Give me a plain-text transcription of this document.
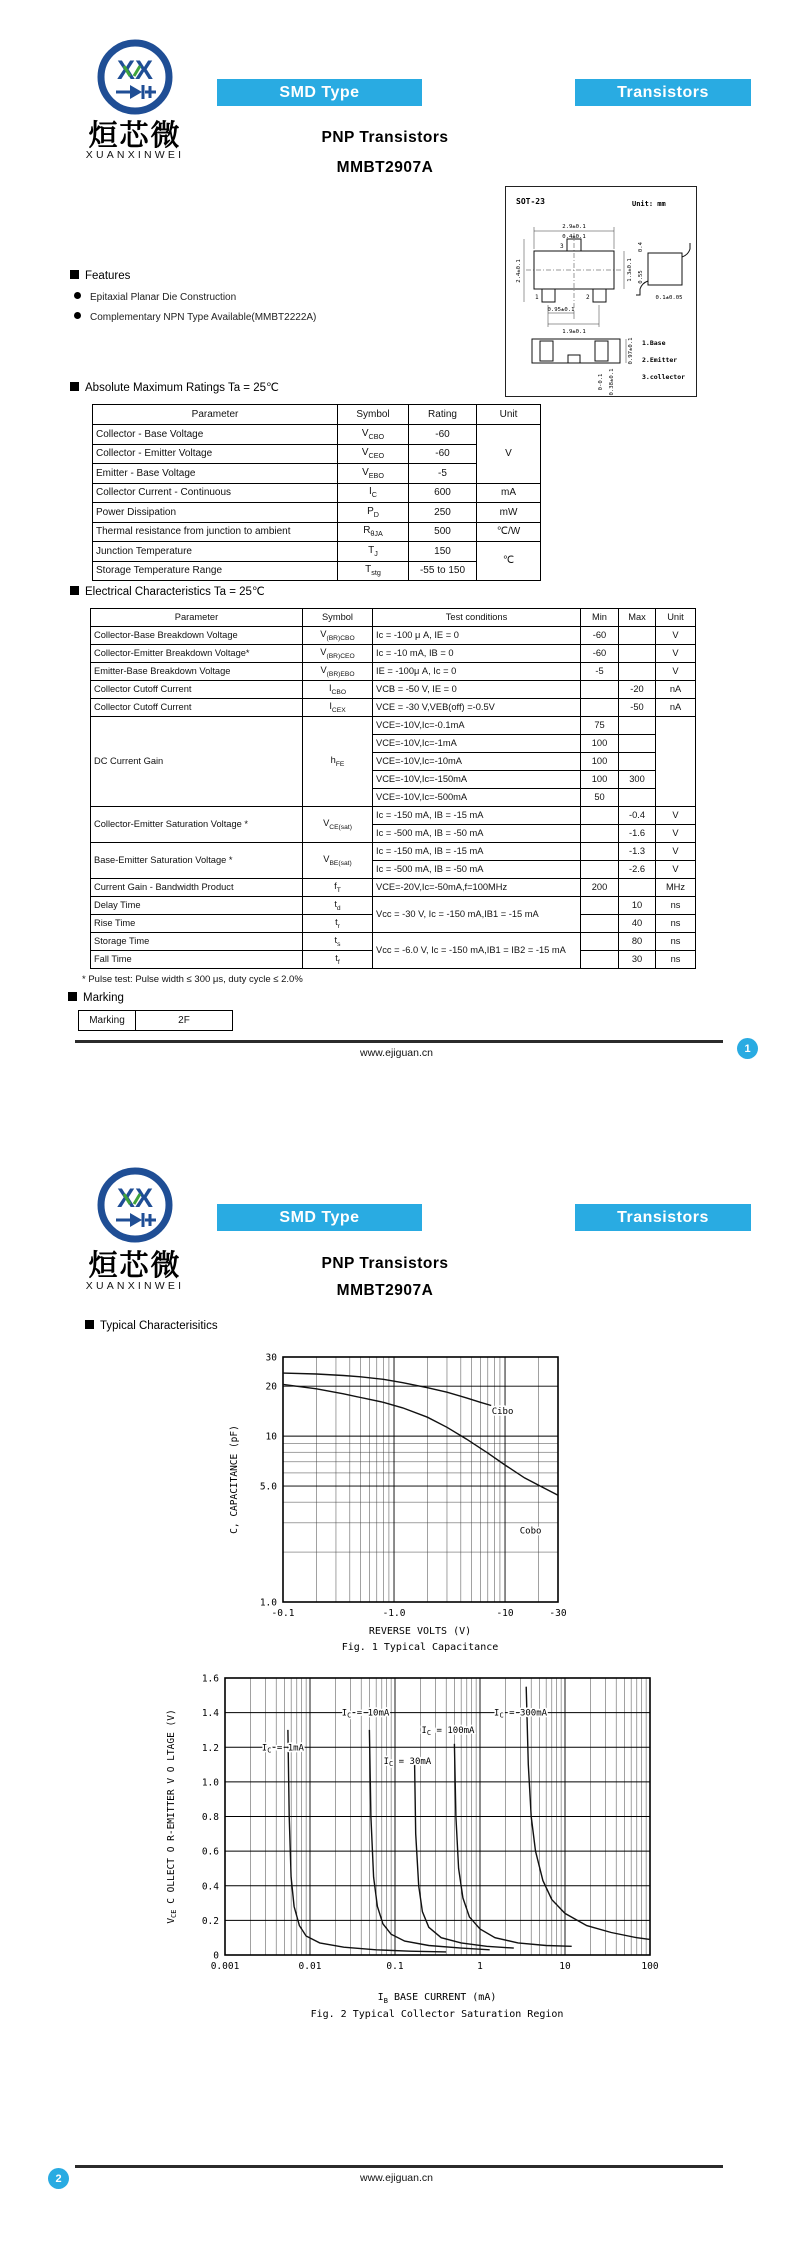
XX
烜芯微
XUANXINWEI
SMD Type	Transistors
PNP Transistors
MMBT2907A
SOT-23	Unit: mm
3
1	2
2.9±0.1
0.4±0.1
2.4±0.1	1.3±0.1
0.95±0.1
1.9±0.1
0.4
0.55
0.1±0.05
0.97±0.1
0-0.1 0.38±0.1
1.Base
2.Emitter
3.collector
Features
Epitaxial Planar Die Construction
Complementary NPN Type Available(MMBT2222A)
Absolute Maximum Ratings Ta = 25℃
Parameter	Symbol	Rating	Unit
Collector - Base Voltage	$V_{CBO}$	-60	V
Collector - Emitter Voltage	$V_{CEO}$	-60	
Emitter - Base Voltage	$V_{EBO}$	-5	
Collector Current - Continuous	$I_C$	600	mA
Power Dissipation	$P_D$	250	mW
Thermal resistance from junction to ambient	$R_{\theta JA}$	500	℃/W
Junction Temperature	$T_J$	150	℃
Storage Temperature Range	$T_{stg}$	-55 to 150	
Electrical Characteristics Ta = 25℃
Parameter	Symbol	Test conditions	Min	Max	Unit
Collector-Base Breakdown Voltage	$V_{(BR)CBO}$	Ic = -100 μ A, IE = 0	-60		V
Collector-Emitter Breakdown Voltage*	$V_{(BR)CEO}$	Ic = -10 mA, IB = 0	-60		V
Emitter-Base Breakdown Voltage	$V_{(BR)EBO}$	IE = -100μ A, Ic = 0	-5		V
Collector Cutoff Current	$I_{CBO}$	VCB = -50 V, IE = 0		-20	nA
Collector Cutoff Current	$I_{CEX}$	VCE = -30 V,VEB(off) =-0.5V		-50	nA
DC Current Gain	$h_{FE}$	VCE=-10V,Ic=-0.1mA	75		
		VCE=-10V,Ic=-1mA	100		
		VCE=-10V,Ic=-10mA	100		
		VCE=-10V,Ic=-150mA	100	300	
		VCE=-10V,Ic=-500mA	50		
Collector-Emitter Saturation Voltage *	$V_{CE(sat)}$	Ic = -150 mA, IB = -15 mA		-0.4	V
		Ic = -500 mA, IB = -50 mA		-1.6	V
Base-Emitter Saturation Voltage *	$V_{BE(sat)}$	Ic = -150 mA, IB = -15 mA		-1.3	V
		Ic = -500 mA, IB = -50 mA		-2.6	V
Current Gain - Bandwidth Product	$f_T$	VCE=-20V,Ic=-50mA,f=100MHz	200		MHz
Delay Time	$t_d$	Vcc = -30 V, Ic = -150 mA,IB1 = -15 mA		10	ns
Rise Time	$t_r$			40	ns
Storage Time	$t_s$	Vcc = -6.0 V, Ic = -150 mA,IB1 = IB2 = -15 mA		80	ns
Fall Time	$t_f$			30	ns
* Pulse test: Pulse width ≤ 300 μs, duty cycle ≤ 2.0%
Marking
Marking	2F
www.ejiguan.cn	1
XX
烜芯微
XUANXINWEI
SMD Type	Transistors
PNP Transistors
MMBT2907A
Typical Characterisitics
-0.1	-1.0	-10	-30
1.0
5.0
10
20
30
Cibo
Cobo
C, CAPACITANCE (pF)
REVERSE VOLTS (V)
Fig. 1 Typical Capacitance
0.001	0.01	0.1	1	10	100
0
0.2
0.4
0.6
0.8
1.0
1.2
1.4
1.6
$I_C = 1mA$
$I_C = 10mA$
$I_C = 30mA$
$I_C = 100mA$
$I_C = 300mA$
$V_{CE}$ C OLLECT O R-EMITTER V O LTAGE (V)
$I_B$ BASE CURRENT (mA)
Fig. 2 Typical Collector Saturation Region
www.ejiguan.cn
2
